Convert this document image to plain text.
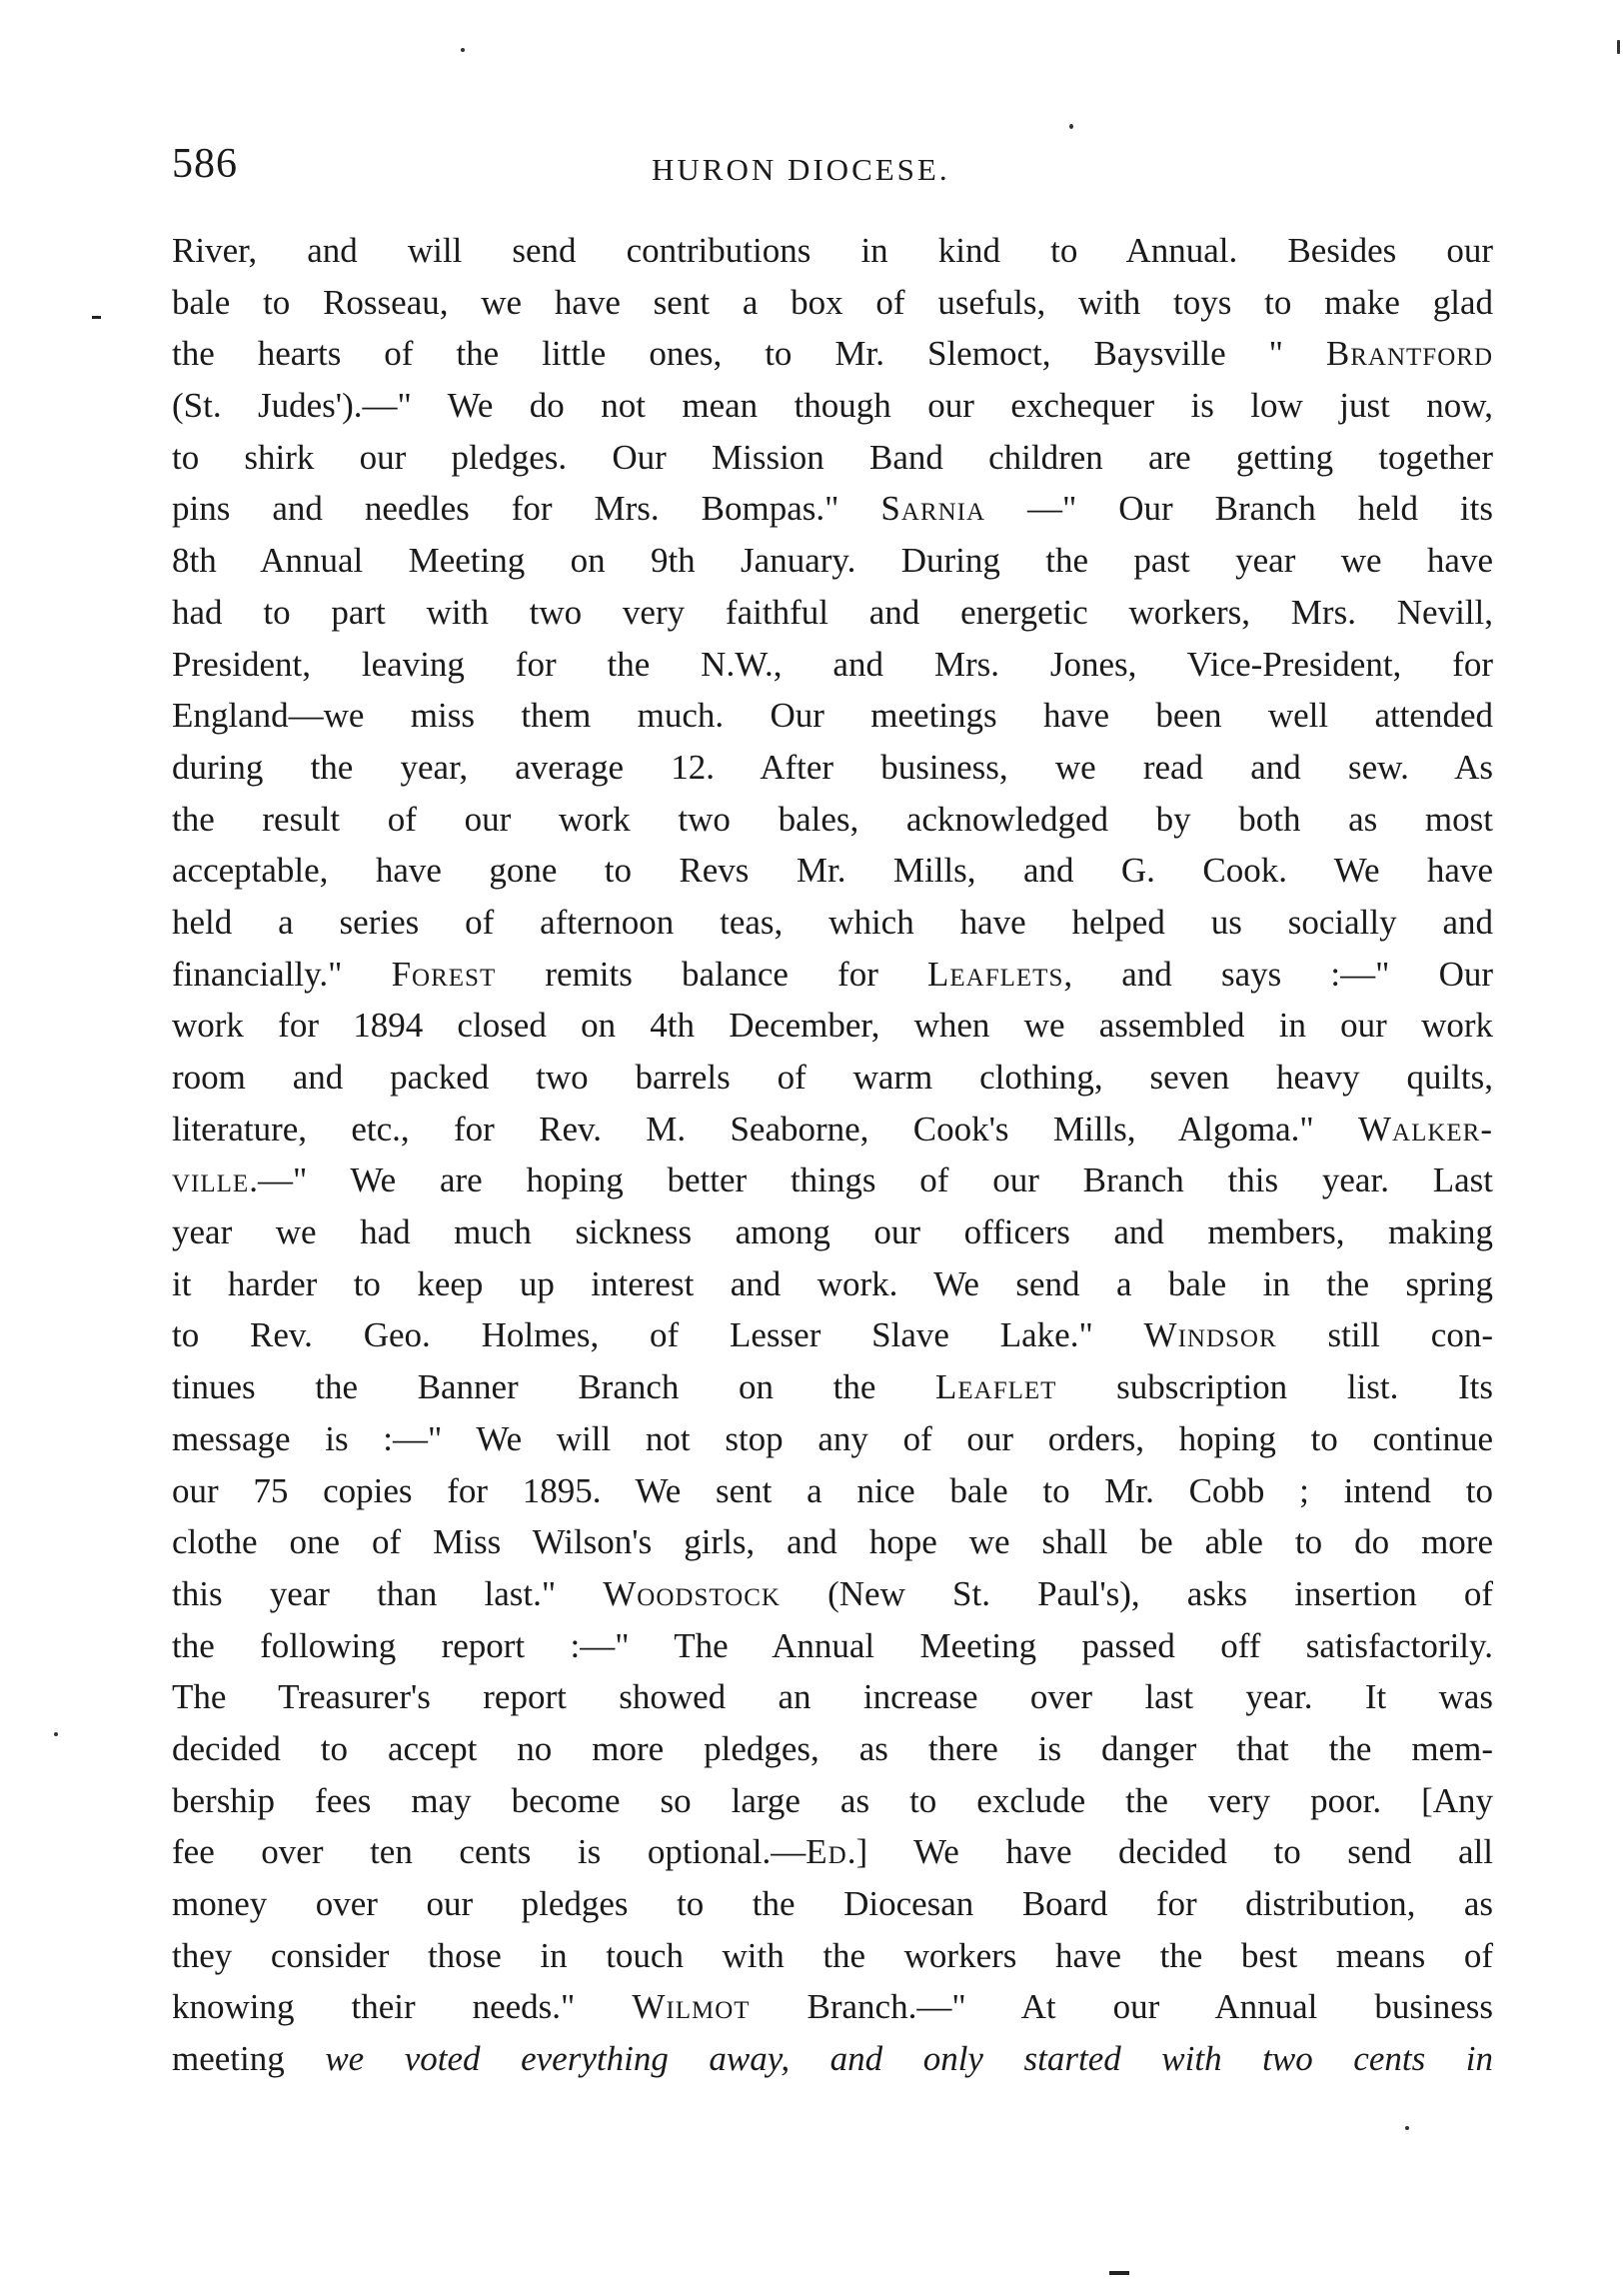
586	HURON DIOCESE.
River, and will send contributions in kind to Annual. Besides our
bale to Rosseau, we have sent a box of usefuls, with toys to make glad
the hearts of the little ones, to Mr. Slemoct, Baysville " Brantford
(St. Judes').—" We do not mean though our exchequer is low just now,
to shirk our pledges. Our Mission Band children are getting together
pins and needles for Mrs. Bompas." Sarnia —" Our Branch held its
8th Annual Meeting on 9th January. During the past year we have
had to part with two very faithful and energetic workers, Mrs. Nevill,
President, leaving for the N.W., and Mrs. Jones, Vice-President, for
England—we miss them much. Our meetings have been well attended
during the year, average 12. After business, we read and sew. As
the result of our work two bales, acknowledged by both as most
acceptable, have gone to Revs Mr. Mills, and G. Cook. We have
held a series of afternoon teas, which have helped us socially and
financially." Forest remits balance for Leaflets, and says :—" Our
work for 1894 closed on 4th December, when we assembled in our work
room and packed two barrels of warm clothing, seven heavy quilts,
literature, etc., for Rev. M. Seaborne, Cook's Mills, Algoma." Walker-
ville.—" We are hoping better things of our Branch this year. Last
year we had much sickness among our officers and members, making
it harder to keep up interest and work. We send a bale in the spring
to Rev. Geo. Holmes, of Lesser Slave Lake." Windsor still con-
tinues the Banner Branch on the Leaflet subscription list. Its
message is :—" We will not stop any of our orders, hoping to continue
our 75 copies for 1895. We sent a nice bale to Mr. Cobb ; intend to
clothe one of Miss Wilson's girls, and hope we shall be able to do more
this year than last." Woodstock (New St. Paul's), asks insertion of
the following report :—" The Annual Meeting passed off satisfactorily.
The Treasurer's report showed an increase over last year. It was
decided to accept no more pledges, as there is danger that the mem-
bership fees may become so large as to exclude the very poor. [Any
fee over ten cents is optional.—Ed.] We have decided to send all
money over our pledges to the Diocesan Board for distribution, as
they consider those in touch with the workers have the best means of
knowing their needs." Wilmot Branch.—" At our Annual business
meeting we voted everything away, and only started with two cents in
